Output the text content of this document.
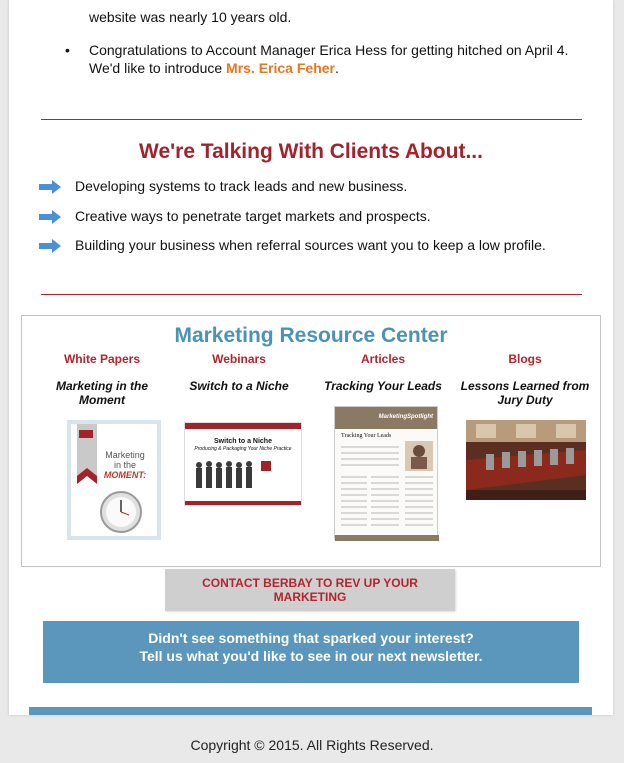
website was nearly 10 years old.
• Congratulations to Account Manager Erica Hess for getting hitched on April 4. We'd like to introduce Mrs. Erica Feher.
We're Talking With Clients About...
Developing systems to track leads and new business.
Creative ways to penetrate target markets and prospects.
Building your business when referral sources want you to keep a low profile.
Marketing Resource Center
White Papers
Marketing in the Moment
Marketing
in the
MOMENT:
Webinars
Switch to a Niche
Switch to a Niche
Producing & Packaging Your Niche Practice
Articles
Tracking Your Leads
MarketingSpotlight
Tracking Your Leads
Blogs
Lessons Learned from Jury Duty
CONTACT BERBAY TO REV UP YOUR MARKETING
Didn't see something that sparked your interest?
Tell us what you'd like to see in our next newsletter.
Copyright © 2015. All Rights Reserved.
